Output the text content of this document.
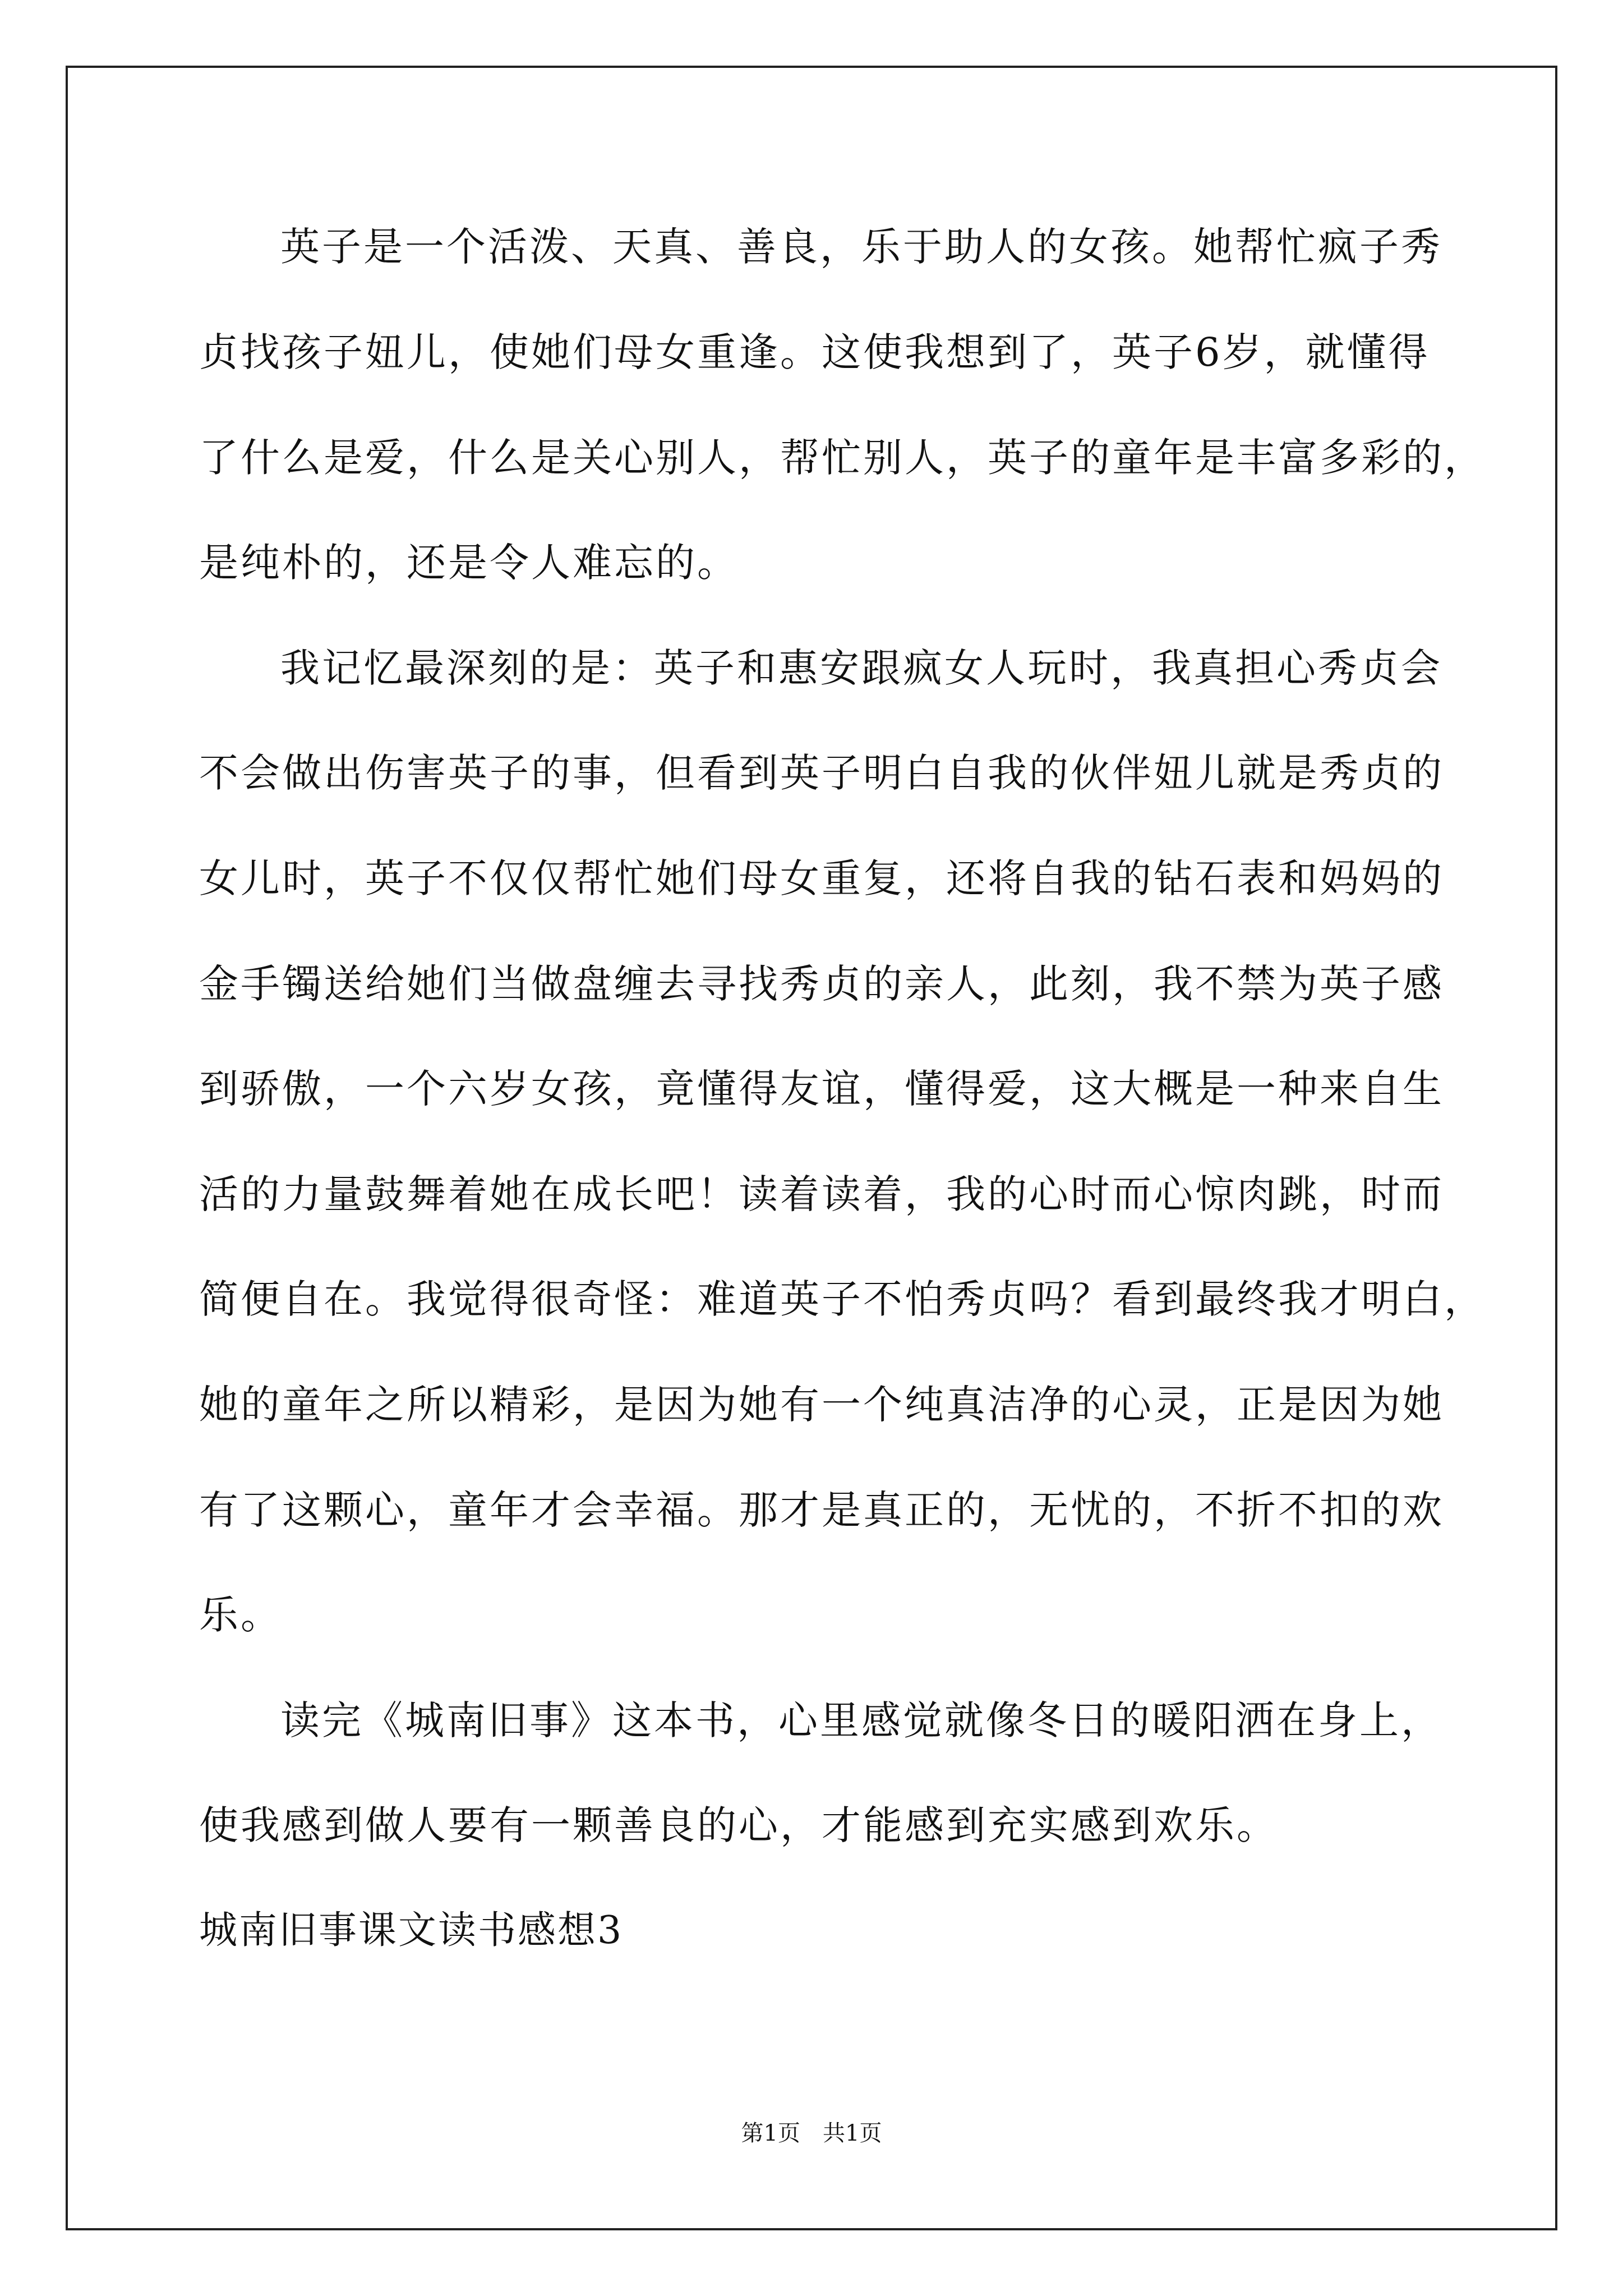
英子是一个活泼、天真、善良，乐于助人的女孩。她帮忙疯子秀
贞找孩子妞儿，使她们母女重逢。这使我想到了，英子6岁，就懂得
了什么是爱，什么是关心别人，帮忙别人，英子的童年是丰富多彩的，
是纯朴的，还是令人难忘的。
我记忆最深刻的是：英子和惠安跟疯女人玩时，我真担心秀贞会
不会做出伤害英子的事，但看到英子明白自我的伙伴妞儿就是秀贞的
女儿时，英子不仅仅帮忙她们母女重复，还将自我的钻石表和妈妈的
金手镯送给她们当做盘缠去寻找秀贞的亲人，此刻，我不禁为英子感
到骄傲，一个六岁女孩，竟懂得友谊，懂得爱，这大概是一种来自生
活的力量鼓舞着她在成长吧！读着读着，我的心时而心惊肉跳，时而
简便自在。我觉得很奇怪：难道英子不怕秀贞吗？看到最终我才明白，
她的童年之所以精彩，是因为她有一个纯真洁净的心灵，正是因为她
有了这颗心，童年才会幸福。那才是真正的，无忧的，不折不扣的欢
乐。
读完《城南旧事》这本书，心里感觉就像冬日的暖阳洒在身上，
使我感到做人要有一颗善良的心，才能感到充实感到欢乐。
城南旧事课文读书感想3
第1页　共1页
